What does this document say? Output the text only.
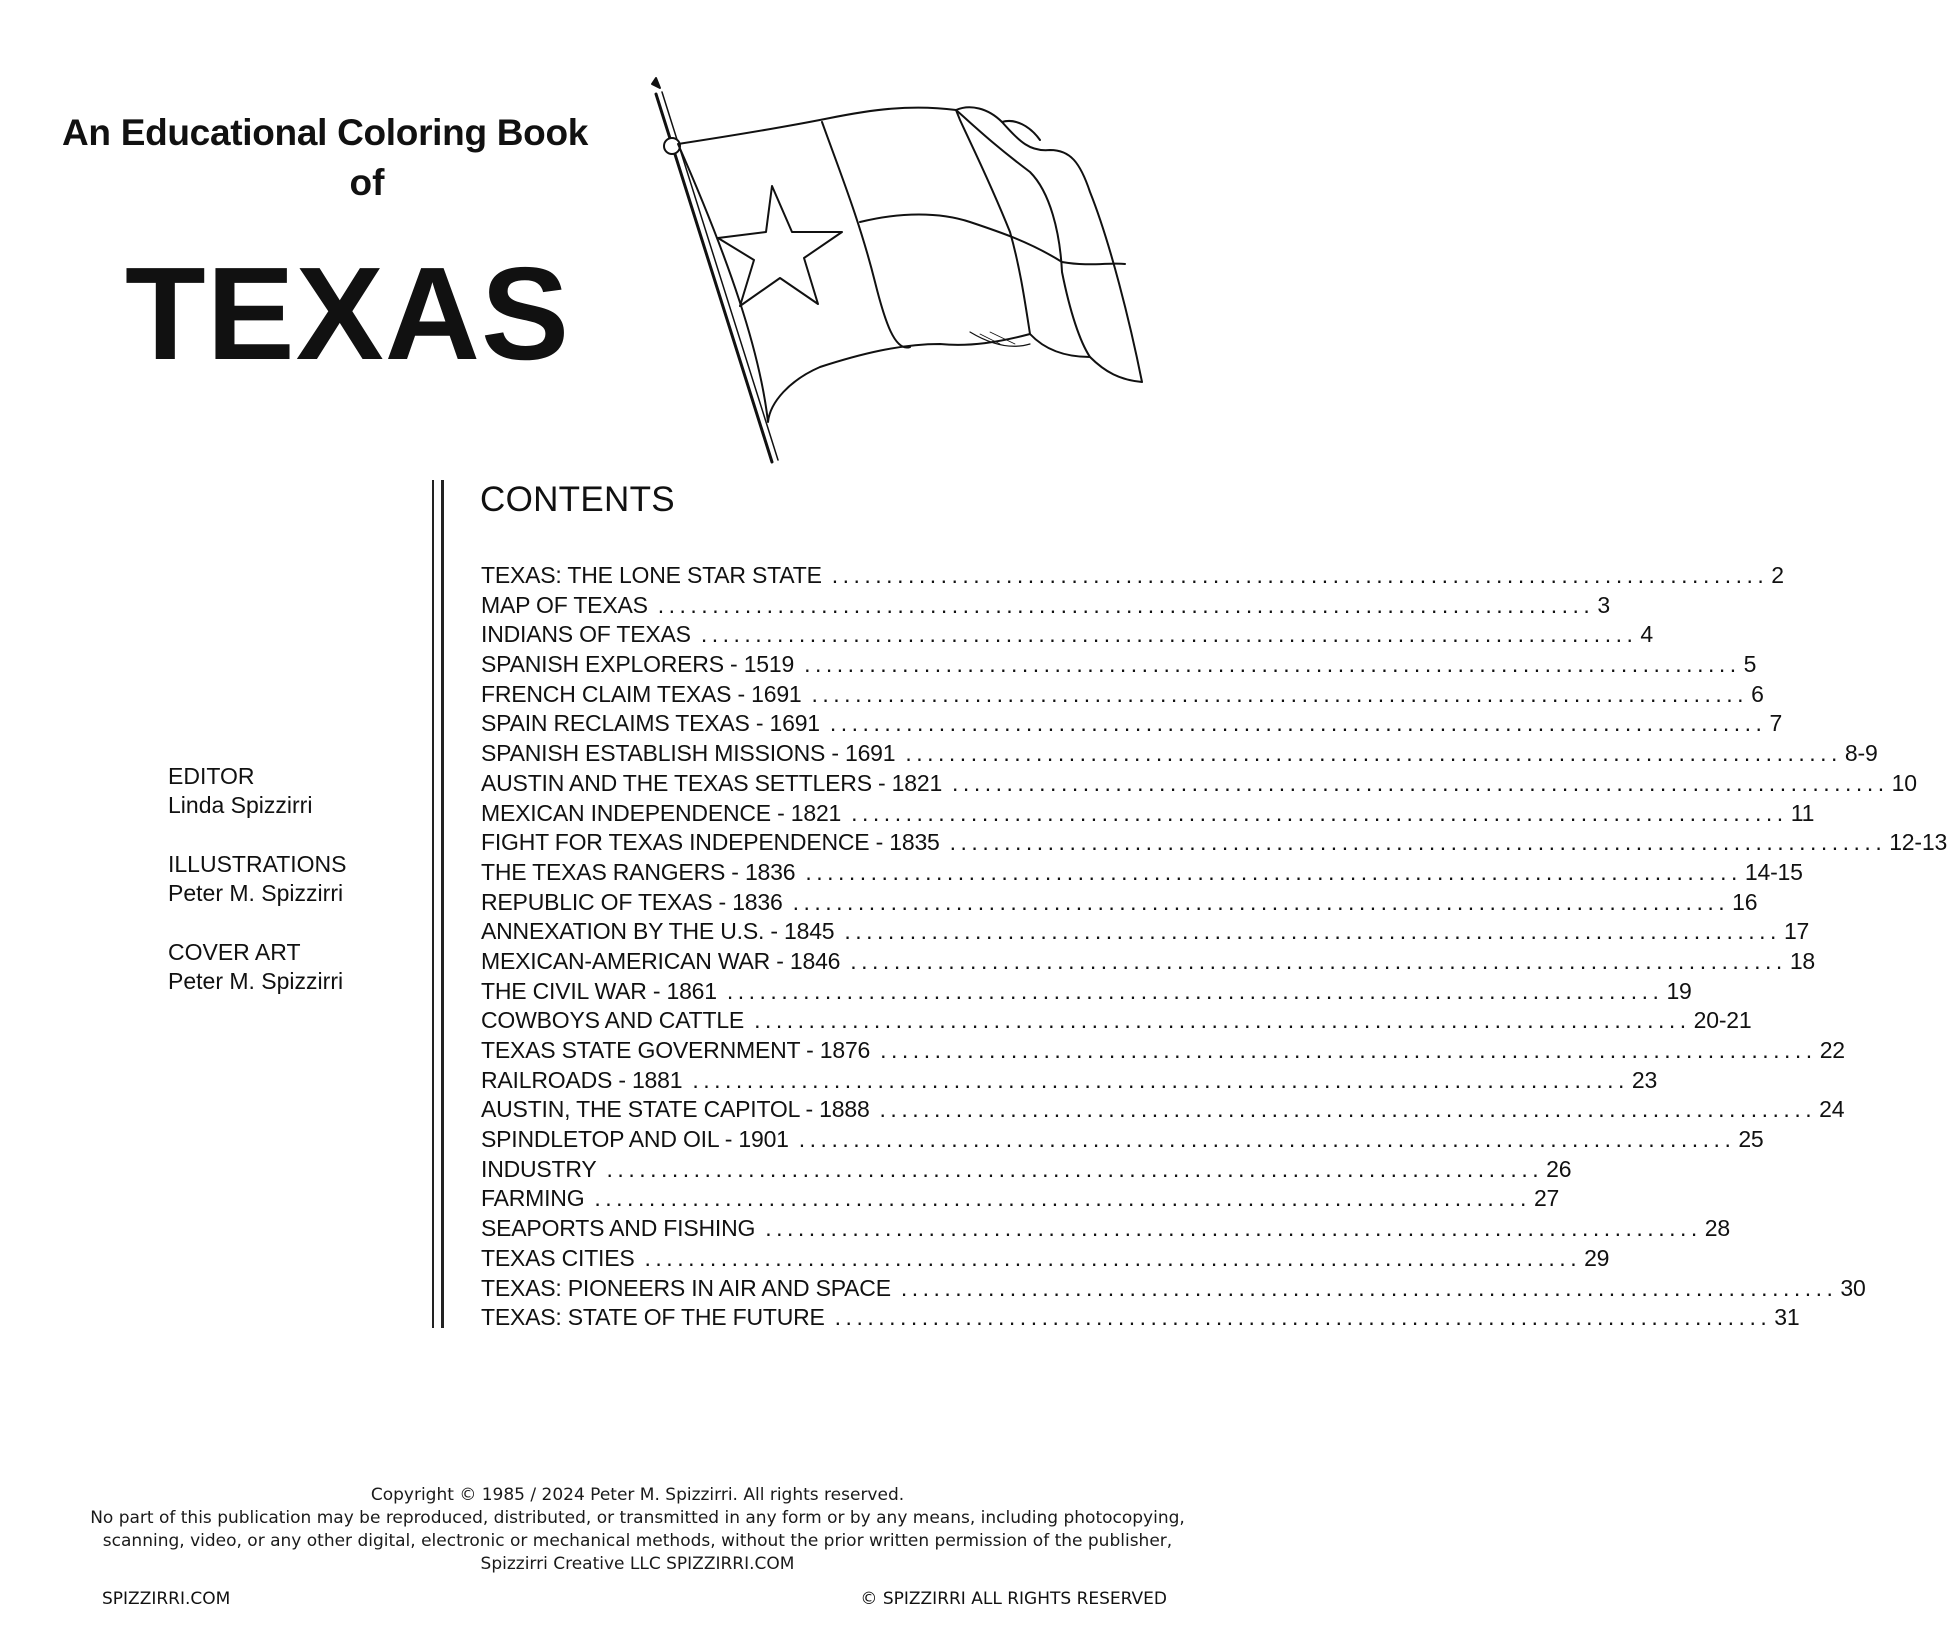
An Educational Coloring Book
of
TEXAS
CONTENTS
TEXAS: THE LONE STAR STATE ...................................................................................... 2
MAP OF TEXAS ...................................................................................... 3
INDIANS OF TEXAS ...................................................................................... 4
SPANISH EXPLORERS - 1519 ...................................................................................... 5
FRENCH CLAIM TEXAS - 1691 ...................................................................................... 6
SPAIN RECLAIMS TEXAS - 1691 ...................................................................................... 7
SPANISH ESTABLISH MISSIONS - 1691 ...................................................................................... 8-9
AUSTIN AND THE TEXAS SETTLERS - 1821 ...................................................................................... 10
MEXICAN INDEPENDENCE - 1821 ...................................................................................... 11
FIGHT FOR TEXAS INDEPENDENCE - 1835 ...................................................................................... 12-13
THE TEXAS RANGERS - 1836 ...................................................................................... 14-15
REPUBLIC OF TEXAS - 1836 ...................................................................................... 16
ANNEXATION BY THE U.S. - 1845 ...................................................................................... 17
MEXICAN-AMERICAN WAR - 1846 ...................................................................................... 18
THE CIVIL WAR - 1861 ...................................................................................... 19
COWBOYS AND CATTLE ...................................................................................... 20-21
TEXAS STATE GOVERNMENT - 1876 ...................................................................................... 22
RAILROADS - 1881 ...................................................................................... 23
AUSTIN, THE STATE CAPITOL - 1888 ...................................................................................... 24
SPINDLETOP AND OIL - 1901 ...................................................................................... 25
INDUSTRY ...................................................................................... 26
FARMING ...................................................................................... 27
SEAPORTS AND FISHING ...................................................................................... 28
TEXAS CITIES ...................................................................................... 29
TEXAS: PIONEERS IN AIR AND SPACE ...................................................................................... 30
TEXAS: STATE OF THE FUTURE ...................................................................................... 31
EDITOR
Linda Spizzirri
ILLUSTRATIONS
Peter M. Spizzirri
COVER ART
Peter M. Spizzirri
Copyright © 1985 / 2024 Peter M. Spizzirri. All rights reserved.
No part of this publication may be reproduced, distributed, or transmitted in any form or by any means, including photocopying,
scanning, video, or any other digital, electronic or mechanical methods, without the prior written permission of the publisher,
Spizzirri Creative LLC SPIZZIRRI.COM
SPIZZIRRI.COM	© SPIZZIRRI ALL RIGHTS RESERVED
